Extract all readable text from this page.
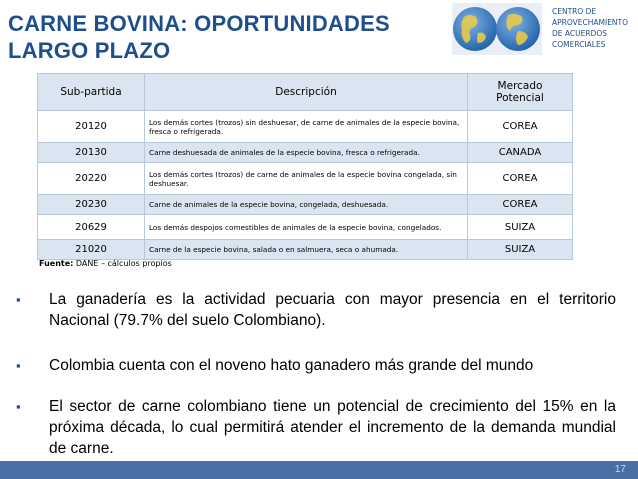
CARNE BOVINA: OPORTUNIDADES
LARGO PLAZO
CENTRO DE
APROVECHAMIENTO
DE ACUERDOS
COMERCIALES
Sub-partida	Descripción	Mercado
Potencial

20120	Los demás cortes (trozos) sin deshuesar, de carne de animales de la especie bovina, fresca o refrigerada.	COREA
20130	Carne deshuesada de animales de la especie bovina, fresca o refrigerada.	CANADA
20220	Los demás cortes (trozos) de carne de animales de la especie bovina congelada, sin deshuesar.	COREA
20230	Carne de animales de la especie bovina, congelada, deshuesada.	COREA
20629	Los demás despojos comestibles de animales de la especie bovina, congelados.	SUIZA
21020	Carne de la especie bovina, salada o en salmuera, seca o ahumada.	SUIZA
Fuente: DANE – cálculos propios
▪	La ganadería es la actividad pecuaria con mayor presencia en el territorio Nacional (79.7% del suelo Colombiano).
▪	Colombia cuenta con el noveno hato ganadero más grande del mundo
▪	El sector de carne colombiano tiene un potencial de crecimiento del 15% en la próxima década, lo cual permitirá atender el incremento de la demanda mundial de carne.
17
